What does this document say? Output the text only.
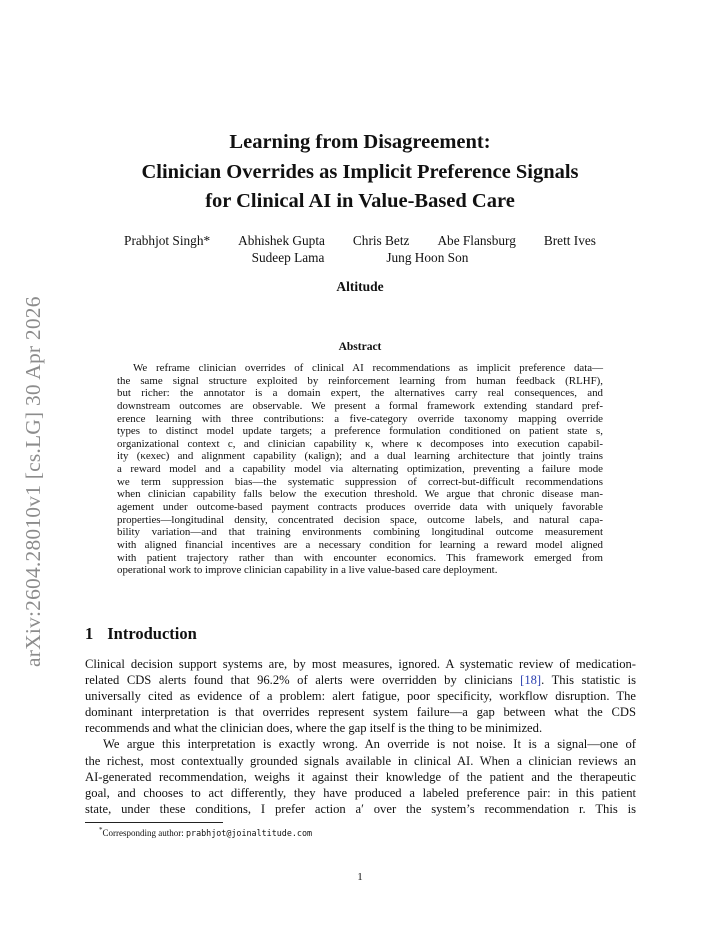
arXiv:2604.28010v1 [cs.LG] 30 Apr 2026
Learning from Disagreement:
Clinician Overrides as Implicit Preference Signals
for Clinical AI in Value-Based Care
Prabhjot Singh* Abhishek Gupta Chris Betz Abe Flansburg Brett Ives
Sudeep Lama	Jung Hoon Son
Altitude
Abstract
We reframe clinician overrides of clinical AI recommendations as implicit preference data—
the same signal structure exploited by reinforcement learning from human feedback (RLHF),
but richer: the annotator is a domain expert, the alternatives carry real consequences, and
downstream outcomes are observable. We present a formal framework extending standard pref-
erence learning with three contributions: a five-category override taxonomy mapping override
types to distinct model update targets; a preference formulation conditioned on patient state s,
organizational context c, and clinician capability κ, where κ decomposes into execution capabil-
ity (κexec) and alignment capability (κalign); and a dual learning architecture that jointly trains
a reward model and a capability model via alternating optimization, preventing a failure mode
we term suppression bias—the systematic suppression of correct-but-difficult recommendations
when clinician capability falls below the execution threshold. We argue that chronic disease man-
agement under outcome-based payment contracts produces override data with uniquely favorable
properties—longitudinal density, concentrated decision space, outcome labels, and natural capa-
bility variation—and that training environments combining longitudinal outcome measurement
with aligned financial incentives are a necessary condition for learning a reward model aligned
with patient trajectory rather than with encounter economics. This framework emerged from
operational work to improve clinician capability in a live value-based care deployment.
1 Introduction
Clinical decision support systems are, by most measures, ignored. A systematic review of medication-
related CDS alerts found that 96.2% of alerts were overridden by clinicians [18]. This statistic is
universally cited as evidence of a problem: alert fatigue, poor specificity, workflow disruption. The
dominant interpretation is that overrides represent system failure—a gap between what the CDS
recommends and what the clinician does, where the gap itself is the thing to be minimized.
We argue this interpretation is exactly wrong. An override is not noise. It is a signal—one of
the richest, most contextually grounded signals available in clinical AI. When a clinician reviews an
AI-generated recommendation, weighs it against their knowledge of the patient and the therapeutic
goal, and chooses to act differently, they have produced a labeled preference pair: in this patient
state, under these conditions, I prefer action a′ over the system’s recommendation r. This is
*Corresponding author: prabhjot@joinaltitude.com
1
